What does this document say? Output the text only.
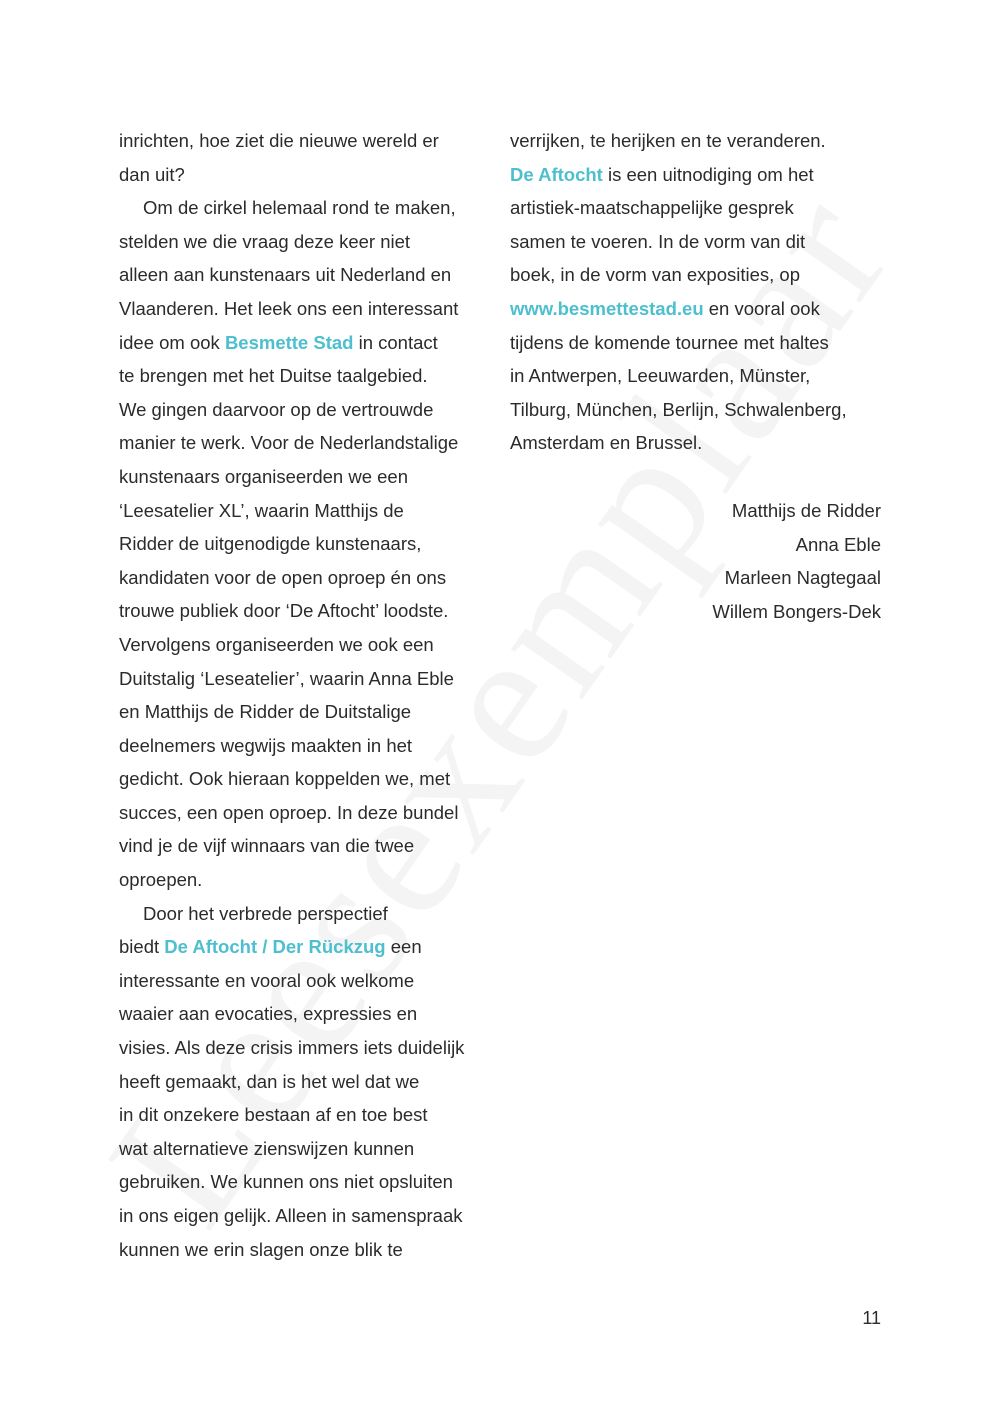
inrichten, hoe ziet die nieuwe wereld er
dan uit?
Om de cirkel helemaal rond te maken,
stelden we die vraag deze keer niet
alleen aan kunstenaars uit Nederland en
Vlaanderen. Het leek ons een interessant
idee om ook Besmette Stad in contact
te brengen met het Duitse taalgebied.
We gingen daarvoor op de vertrouwde
manier te werk. Voor de Nederlandstalige
kunstenaars organiseerden we een
‘Leesatelier XL’, waarin Matthijs de
Ridder de uitgenodigde kunstenaars,
kandidaten voor de open oproep én ons
trouwe publiek door ‘De Aftocht’ loodste.
Vervolgens organiseerden we ook een
Duitstalig ‘Leseatelier’, waarin Anna Eble
en Matthijs de Ridder de Duitstalige
deelnemers wegwijs maakten in het
gedicht. Ook hieraan koppelden we, met
succes, een open oproep. In deze bundel
vind je de vijf winnaars van die twee
oproepen.
Door het verbrede perspectief
biedt De Aftocht / Der Rückzug een
interessante en vooral ook welkome
waaier aan evocaties, expressies en
visies. Als deze crisis immers iets duidelijk
heeft gemaakt, dan is het wel dat we
in dit onzekere bestaan af en toe best
wat alternatieve zienswijzen kunnen
gebruiken. We kunnen ons niet opsluiten
in ons eigen gelijk. Alleen in samenspraak
kunnen we erin slagen onze blik te
verrijken, te herijken en te veranderen.
De Aftocht is een uitnodiging om het
artistiek-maatschappelijke gesprek
samen te voeren. In de vorm van dit
boek, in de vorm van exposities, op
www.besmettestad.eu en vooral ook
tijdens de komende tournee met haltes
in Antwerpen, Leeuwarden, Münster,
Tilburg, München, Berlijn, Schwalenberg,
Amsterdam en Brussel.
Matthijs de Ridder
Anna Eble
Marleen Nagtegaal
Willem Bongers-Dek
11
